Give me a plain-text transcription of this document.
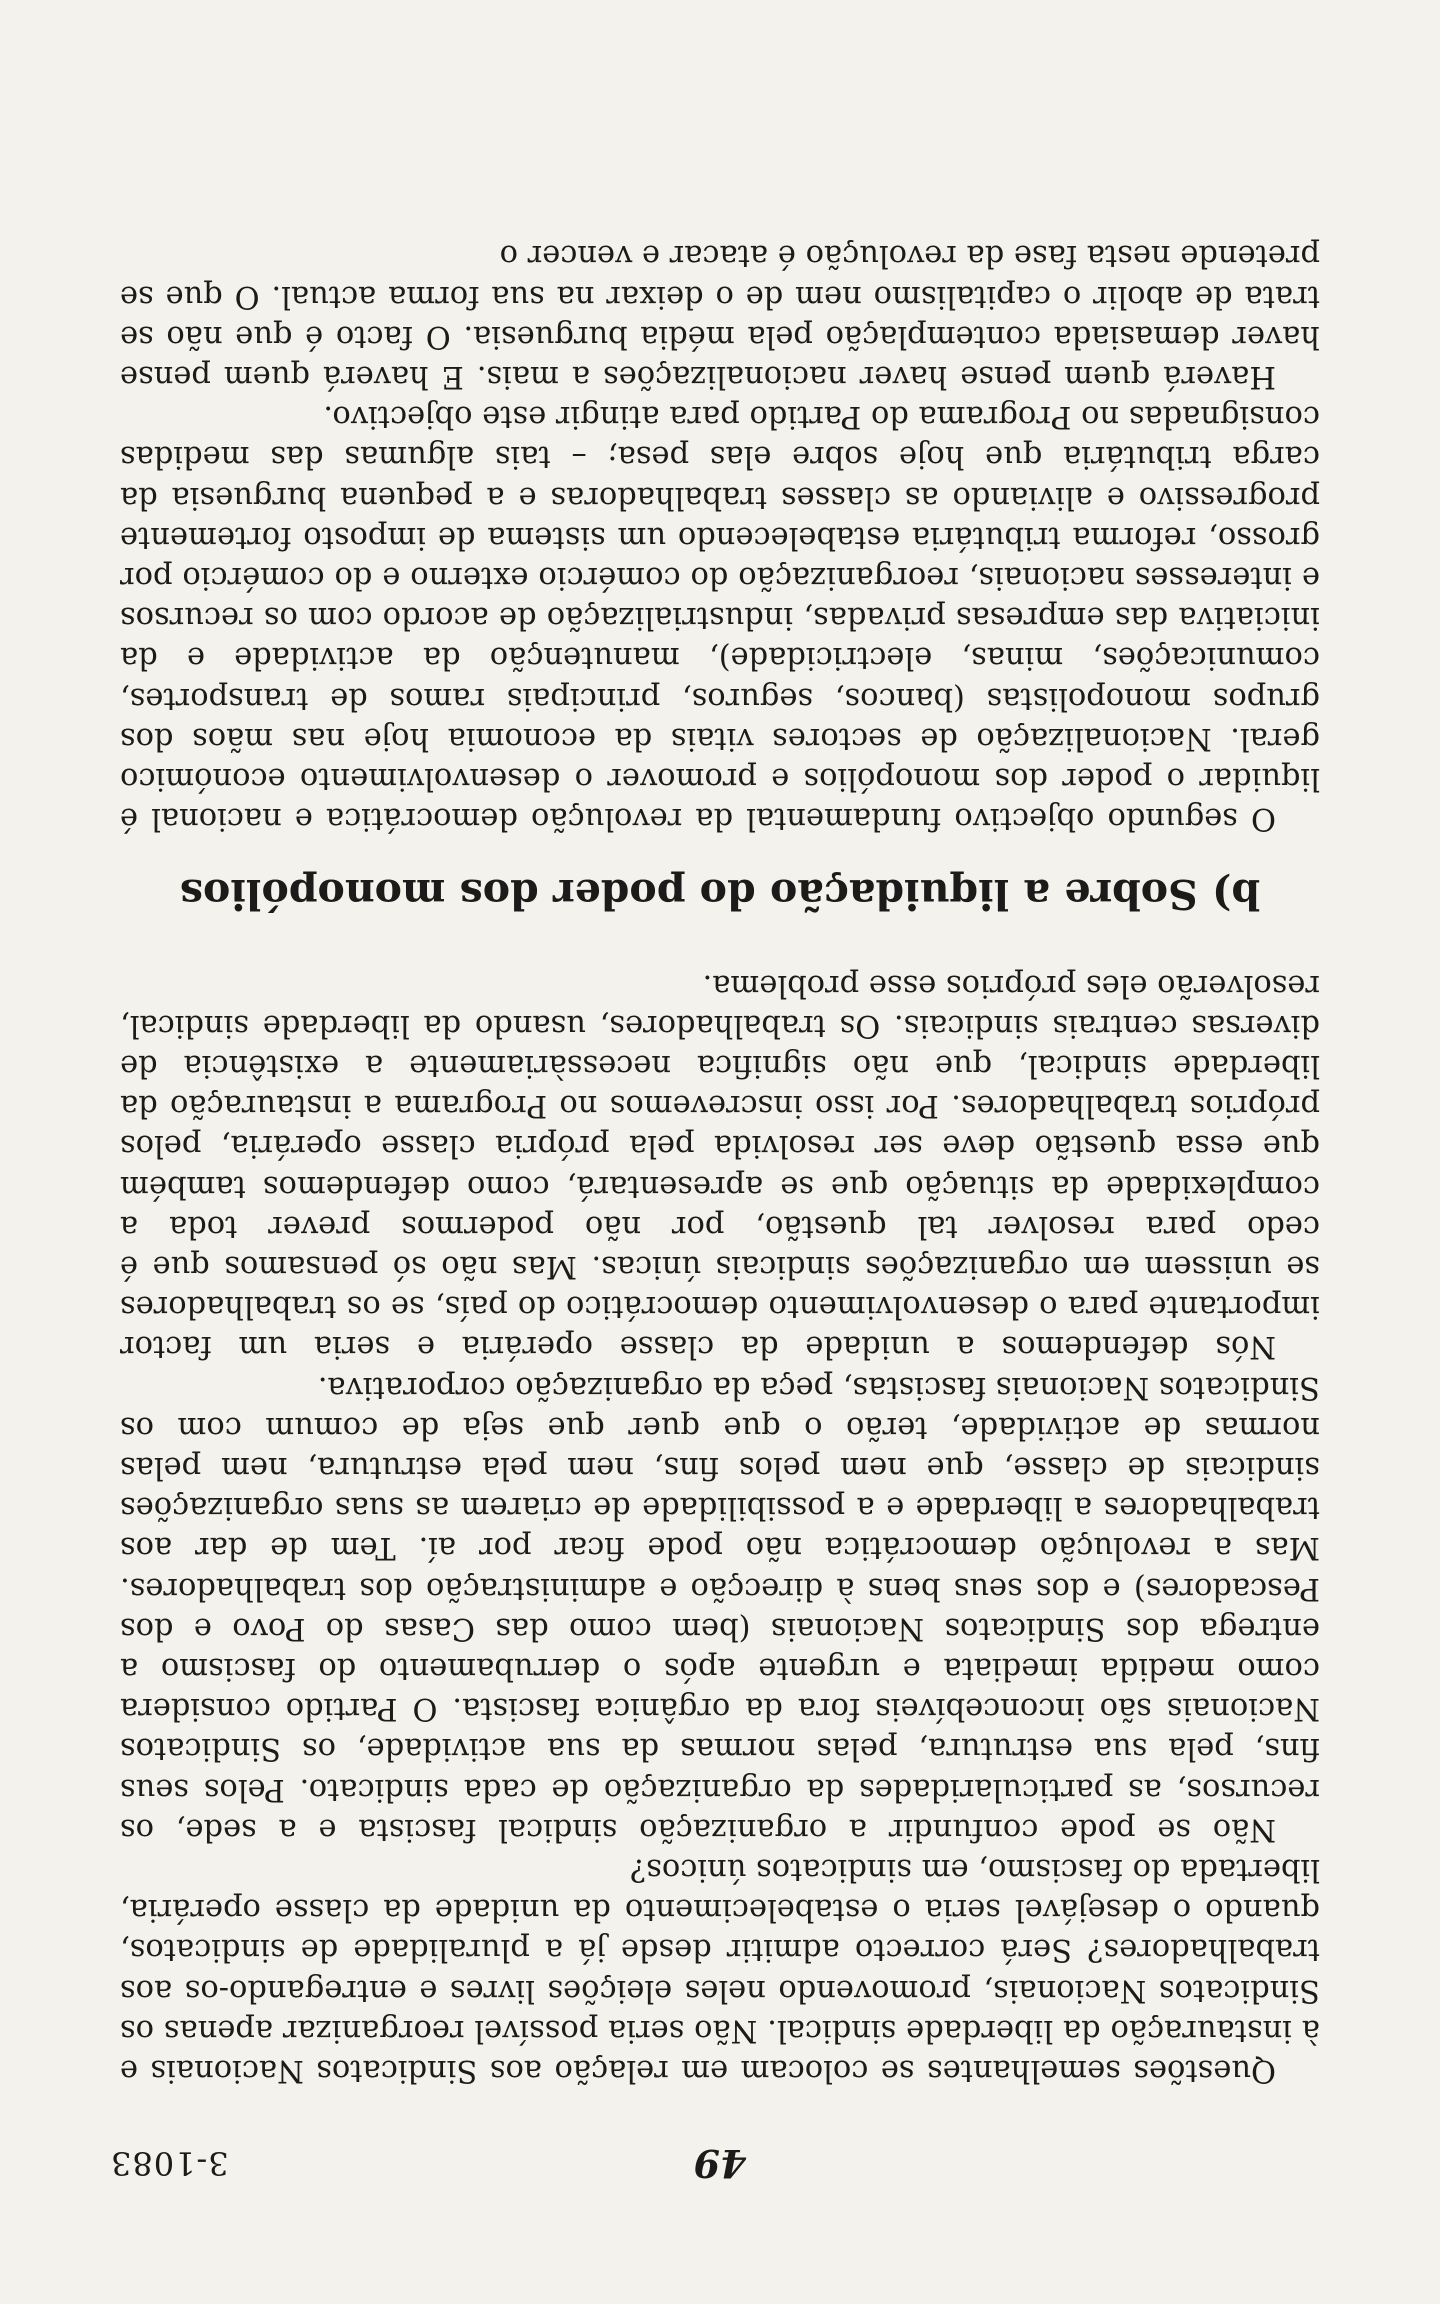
49
3-1083

Questões semelhantes se colocam em relação aos Sindicatos Nacionais e à instauração da liberdade sindical. Não seria possível reorganizar apenas os Sindicatos Nacionais, promovendo neles eleições livres e entregando-os aos trabalhadores? Será correcto admitir desde já a pluralidade de sindicatos, quando o desejável seria o estabelecimento da unidade da classe operária, libertada do fascismo, em sindicatos únicos?

Não se pode confundir a organização sindical fascista e a sede, os recursos, as particularidades da organização de cada sindicato. Pelos seus fins, pela sua estrutura, pelas normas da sua actividade, os Sindicatos Nacionais são inconcebíveis fora da orgânica fascista. O Partido considera como medida imediata e urgente após o derrubamento do fascismo a entrega dos Sindicatos Nacionais (bem como das Casas do Povo e dos Pescadores) e dos seus bens à direcção e administração dos trabalhadores. Mas a revolução democrática não pode ficar por aí. Tem de dar aos trabalhadores a liberdade e a possibilidade de criarem as suas organizações sindicais de classe, que nem pelos fins, nem pela estrutura, nem pelas normas de actividade, terão o que quer que seja de comum com os Sindicatos Nacionais fascistas, peça da organização corporativa.

Nós defendemos a unidade da classe operária e seria um factor importante para o desenvolvimento democrático do país, se os trabalhadores se unissem em organizações sindicais únicas. Mas não só pensamos que é cedo para resolver tal questão, por não podermos prever toda a complexidade da situação que se apresentará, como defendemos também que essa questão deve ser resolvida pela própria classe operária, pelos próprios trabalhadores. Por isso inscrevemos no Programa a instauração da liberdade sindical, que não significa necessàriamente a existência de diversas centrais sindicais. Os trabalhadores, usando da liberdade sindical, resolverão eles próprios esse problema.

b) Sobre a liquidação do poder dos monopólios

O segundo objectivo fundamental da revolução democrática e nacional é liquidar o poder dos monopólios e promover o desenvolvimento económico geral. Nacionalização de sectores vitais da economia hoje nas mãos dos grupos monopolistas (bancos, seguros, principais ramos de transportes, comunicações, minas, electricidade), manutenção da actividade e da iniciativa das empresas privadas, industrialização de acordo com os recursos e interesses nacionais, reorganização do comércio externo e do comércio por grosso, reforma tributária estabelecendo um sistema de imposto fortemente progressivo e aliviando as classes trabalhadoras e a pequena burguesia da carga tributária que hoje sobre elas pesa; – tais algumas das medidas consignadas no Programa do Partido para atingir este objectivo.

Haverá quem pense haver nacionalizações a mais. E haverá quem pense haver demasiada contemplação pela média burguesia. O facto é que não se trata de abolir o capitalismo nem de o deixar na sua forma actual. O que se pretende nesta fase da revolução é atacar e vencer o
